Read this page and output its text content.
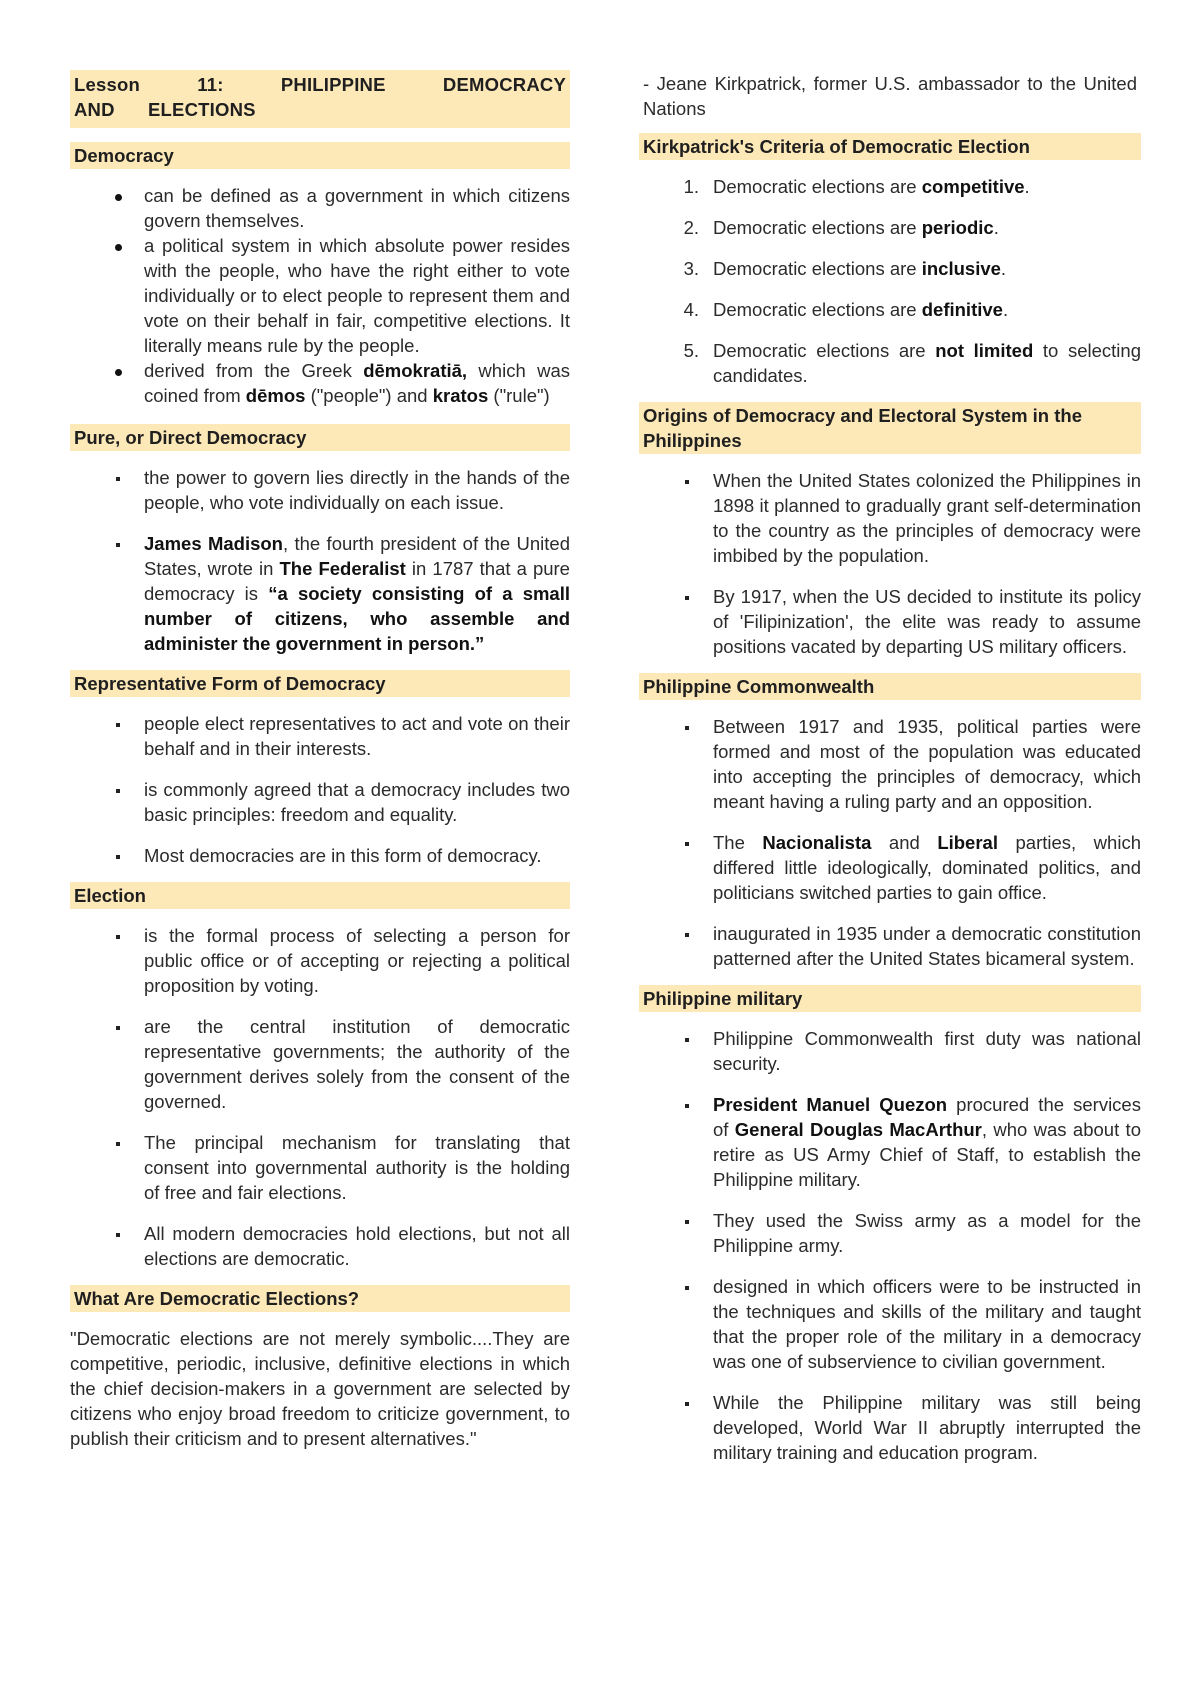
Lesson 11: PHILIPPINE DEMOCRACY AND ELECTIONS
Democracy
can be defined as a government in which citizens govern themselves.
a political system in which absolute power resides with the people, who have the right either to vote individually or to elect people to represent them and vote on their behalf in fair, competitive elections. It literally means rule by the people.
derived from the Greek dēmokratiā, which was coined from dēmos ("people") and kratos ("rule")
Pure, or Direct Democracy
the power to govern lies directly in the hands of the people, who vote individually on each issue.
James Madison, the fourth president of the United States, wrote in The Federalist in 1787 that a pure democracy is “a society consisting of a small number of citizens, who assemble and administer the government in person.”
Representative Form of Democracy
people elect representatives to act and vote on their behalf and in their interests.
is commonly agreed that a democracy includes two basic principles: freedom and equality.
Most democracies are in this form of democracy.
Election
is the formal process of selecting a person for public office or of accepting or rejecting a political proposition by voting.
are the central institution of democratic representative governments; the authority of the government derives solely from the consent of the governed.
The principal mechanism for translating that consent into governmental authority is the holding of free and fair elections.
All modern democracies hold elections, but not all elections are democratic.
What Are Democratic Elections?

"Democratic elections are not merely symbolic....They are competitive, periodic, inclusive, definitive elections in which the chief decision-makers in a government are selected by citizens who enjoy broad freedom to criticize government, to publish their criticism and to present alternatives."

- Jeane Kirkpatrick, former U.S. ambassador to the United Nations

Kirkpatrick's Criteria of Democratic Election
1. Democratic elections are competitive.
2. Democratic elections are periodic.
3. Democratic elections are inclusive.
4. Democratic elections are definitive.
5. Democratic elections are not limited to selecting candidates.
Origins of Democracy and Electoral System in the Philippines
When the United States colonized the Philippines in 1898 it planned to gradually grant self-determination to the country as the principles of democracy were imbibed by the population.
By 1917, when the US decided to institute its policy of 'Filipinization', the elite was ready to assume positions vacated by departing US military officers.
Philippine Commonwealth
Between 1917 and 1935, political parties were formed and most of the population was educated into accepting the principles of democracy, which meant having a ruling party and an opposition.
The Nacionalista and Liberal parties, which differed little ideologically, dominated politics, and politicians switched parties to gain office.
inaugurated in 1935 under a democratic constitution patterned after the United States bicameral system.
Philippine military
Philippine Commonwealth first duty was national security.
President Manuel Quezon procured the services of General Douglas MacArthur, who was about to retire as US Army Chief of Staff, to establish the Philippine military.
They used the Swiss army as a model for the Philippine army.
designed in which officers were to be instructed in the techniques and skills of the military and taught that the proper role of the military in a democracy was one of subservience to civilian government.
While the Philippine military was still being developed, World War II abruptly interrupted the military training and education program.
